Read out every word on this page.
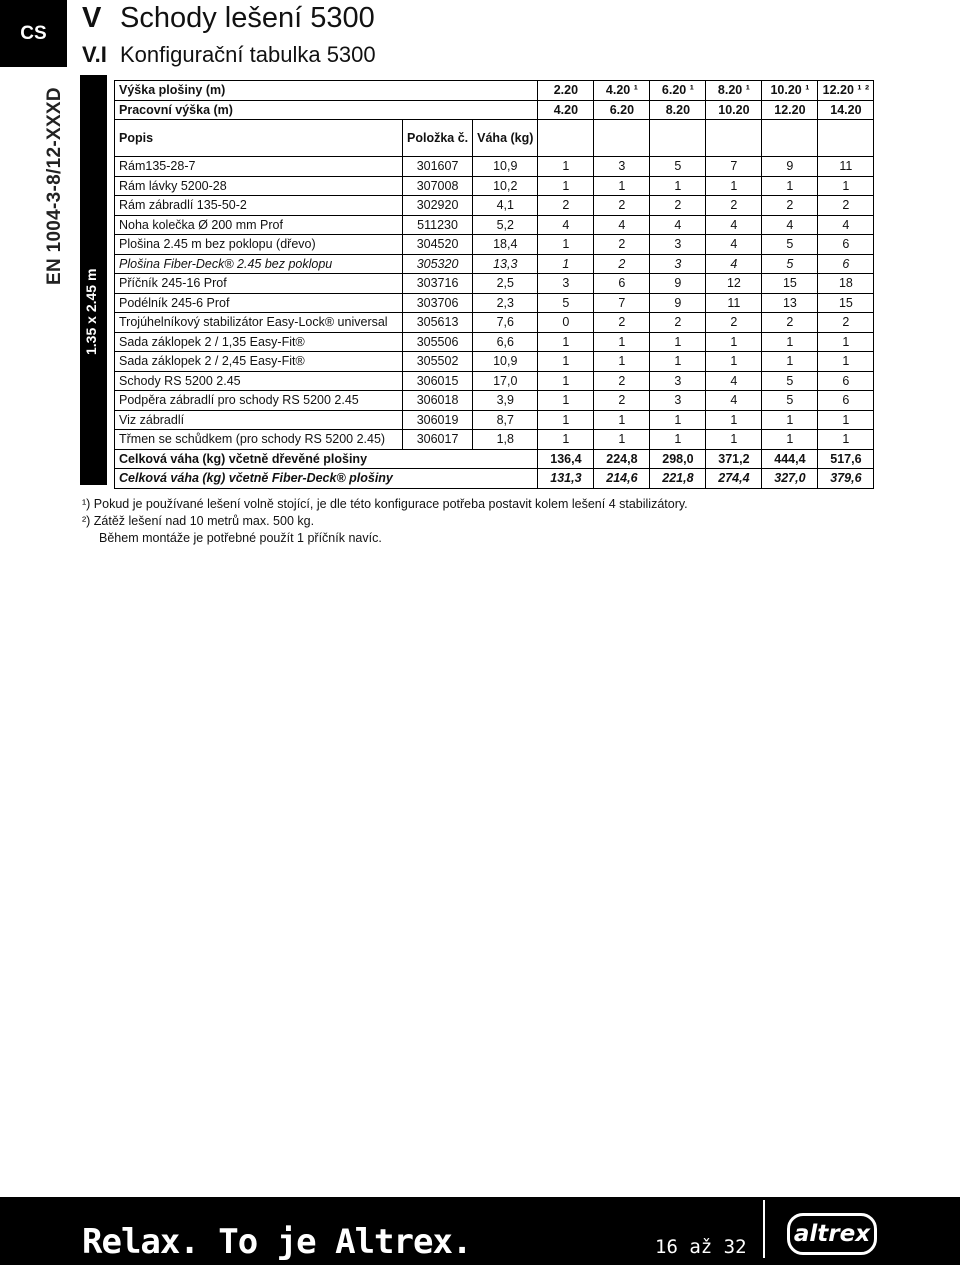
CS
EN 1004-3-8/12-XXXD
1.35 x 2.45 m
V Schody lešení 5300
V.I Konfigurační tabulka 5300
Výška plošiny (m)			2.20	4.20 ¹	6.20 ¹	8.20 ¹	10.20 ¹	12.20 ¹ ²
Pracovní výška (m)			4.20	6.20	8.20	10.20	12.20	14.20
Popis	Položka č.	Váha (kg)						
Rám135-28-7	301607	10,9	1	3	5	7	9	11
Rám lávky 5200-28	307008	10,2	1	1	1	1	1	1
Rám zábradlí 135-50-2	302920	4,1	2	2	2	2	2	2
Noha kolečka Ø 200 mm Prof	511230	5,2	4	4	4	4	4	4
Plošina 2.45 m bez poklopu (dřevo)	304520	18,4	1	2	3	4	5	6
Plošina Fiber-Deck® 2.45 bez poklopu	305320	13,3	1	2	3	4	5	6
Příčník 245-16 Prof	303716	2,5	3	6	9	12	15	18
Podélník 245-6 Prof	303706	2,3	5	7	9	11	13	15
Trojúhelníkový stabilizátor Easy-Lock® universal	305613	7,6	0	2	2	2	2	2
Sada záklopek 2 / 1,35 Easy-Fit®	305506	6,6	1	1	1	1	1	1
Sada záklopek 2 / 2,45 Easy-Fit®	305502	10,9	1	1	1	1	1	1
Schody RS 5200 2.45	306015	17,0	1	2	3	4	5	6
Podpěra zábradlí pro schody RS 5200 2.45	306018	3,9	1	2	3	4	5	6
Viz zábradlí	306019	8,7	1	1	1	1	1	1
Třmen se schůdkem (pro schody RS 5200 2.45)	306017	1,8	1	1	1	1	1	1
Celková váha (kg) včetně dřevěné plošiny			136,4	224,8	298,0	371,2	444,4	517,6
Celková váha (kg) včetně Fiber-Deck® plošiny			131,3	214,6	221,8	274,4	327,0	379,6
¹) Pokud je používané lešení volně stojící, je dle této konfigurace potřeba postavit kolem lešení 4 stabilizátory.
²) Zátěž lešení nad 10 metrů max. 500 kg.
Během montáže je potřebné použít 1 příčník navíc.
Relax. To je Altrex.	16 až 32	altrex
